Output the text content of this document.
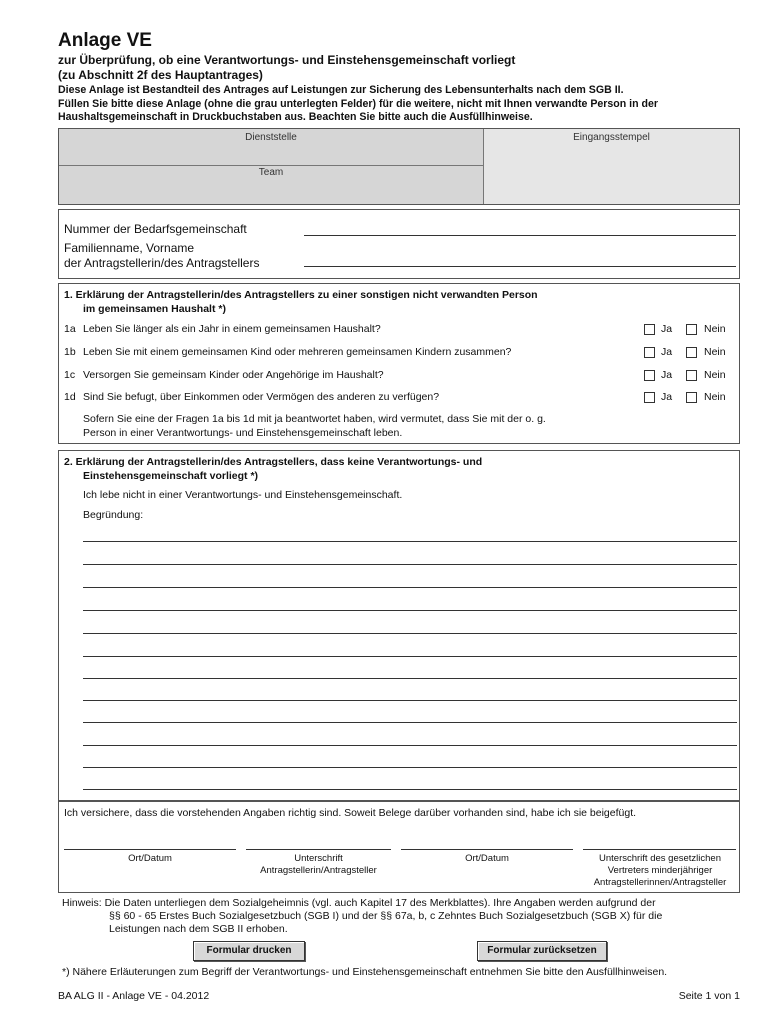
Anlage VE
zur Überprüfung, ob eine Verantwortungs- und Einstehensgemeinschaft vorliegt
(zu Abschnitt 2f des Hauptantrages)
Diese Anlage ist Bestandteil des Antrages auf Leistungen zur Sicherung des Lebensunterhalts nach dem SGB II.
Füllen Sie bitte diese Anlage (ohne die grau unterlegten Felder) für die weitere, nicht mit Ihnen verwandte Person in der
Haushaltsgemeinschaft in Druckbuchstaben aus. Beachten Sie bitte auch die Ausfüllhinweise.
Dienststelle
Team
Eingangsstempel
Nummer der Bedarfsgemeinschaft
Familienname, Vorname
der Antragstellerin/des Antragstellers
1. Erklärung der Antragstellerin/des Antragstellers zu einer sonstigen nicht verwandten Person
im gemeinsamen Haushalt *)
1a Leben Sie länger als ein Jahr in einem gemeinsamen Haushalt?	Ja	Nein
1b Leben Sie mit einem gemeinsamen Kind oder mehreren gemeinsamen Kindern zusammen?	Ja	Nein
1c Versorgen Sie gemeinsam Kinder oder Angehörige im Haushalt?	Ja	Nein
1d Sind Sie befugt, über Einkommen oder Vermögen des anderen zu verfügen?	Ja	Nein
Sofern Sie eine der Fragen 1a bis 1d mit ja beantwortet haben, wird vermutet, dass Sie mit der o. g.
Person in einer Verantwortungs- und Einstehensgemeinschaft leben.
2. Erklärung der Antragstellerin/des Antragstellers, dass keine Verantwortungs- und
Einstehensgemeinschaft vorliegt *)
Ich lebe nicht in einer Verantwortungs- und Einstehensgemeinschaft.
Begründung:
Ich versichere, dass die vorstehenden Angaben richtig sind. Soweit Belege darüber vorhanden sind, habe ich sie beigefügt.
Ort/Datum	Unterschrift
Antragstellerin/Antragsteller
Ort/Datum	Unterschrift des gesetzlichen
Vertreters minderjähriger
Antragstellerinnen/Antragsteller
Hinweis: Die Daten unterliegen dem Sozialgeheimnis (vgl. auch Kapitel 17 des Merkblattes). Ihre Angaben werden aufgrund der
§§ 60 - 65 Erstes Buch Sozialgesetzbuch (SGB I) und der §§ 67a, b, c Zehntes Buch Sozialgesetzbuch (SGB X) für die
Leistungen nach dem SGB II erhoben.
Formular drucken	Formular zurücksetzen
*) Nähere Erläuterungen zum Begriff der Verantwortungs- und Einstehensgemeinschaft entnehmen Sie bitte den Ausfüllhinweisen.
BA ALG II - Anlage VE - 04.2012	Seite 1 von 1
